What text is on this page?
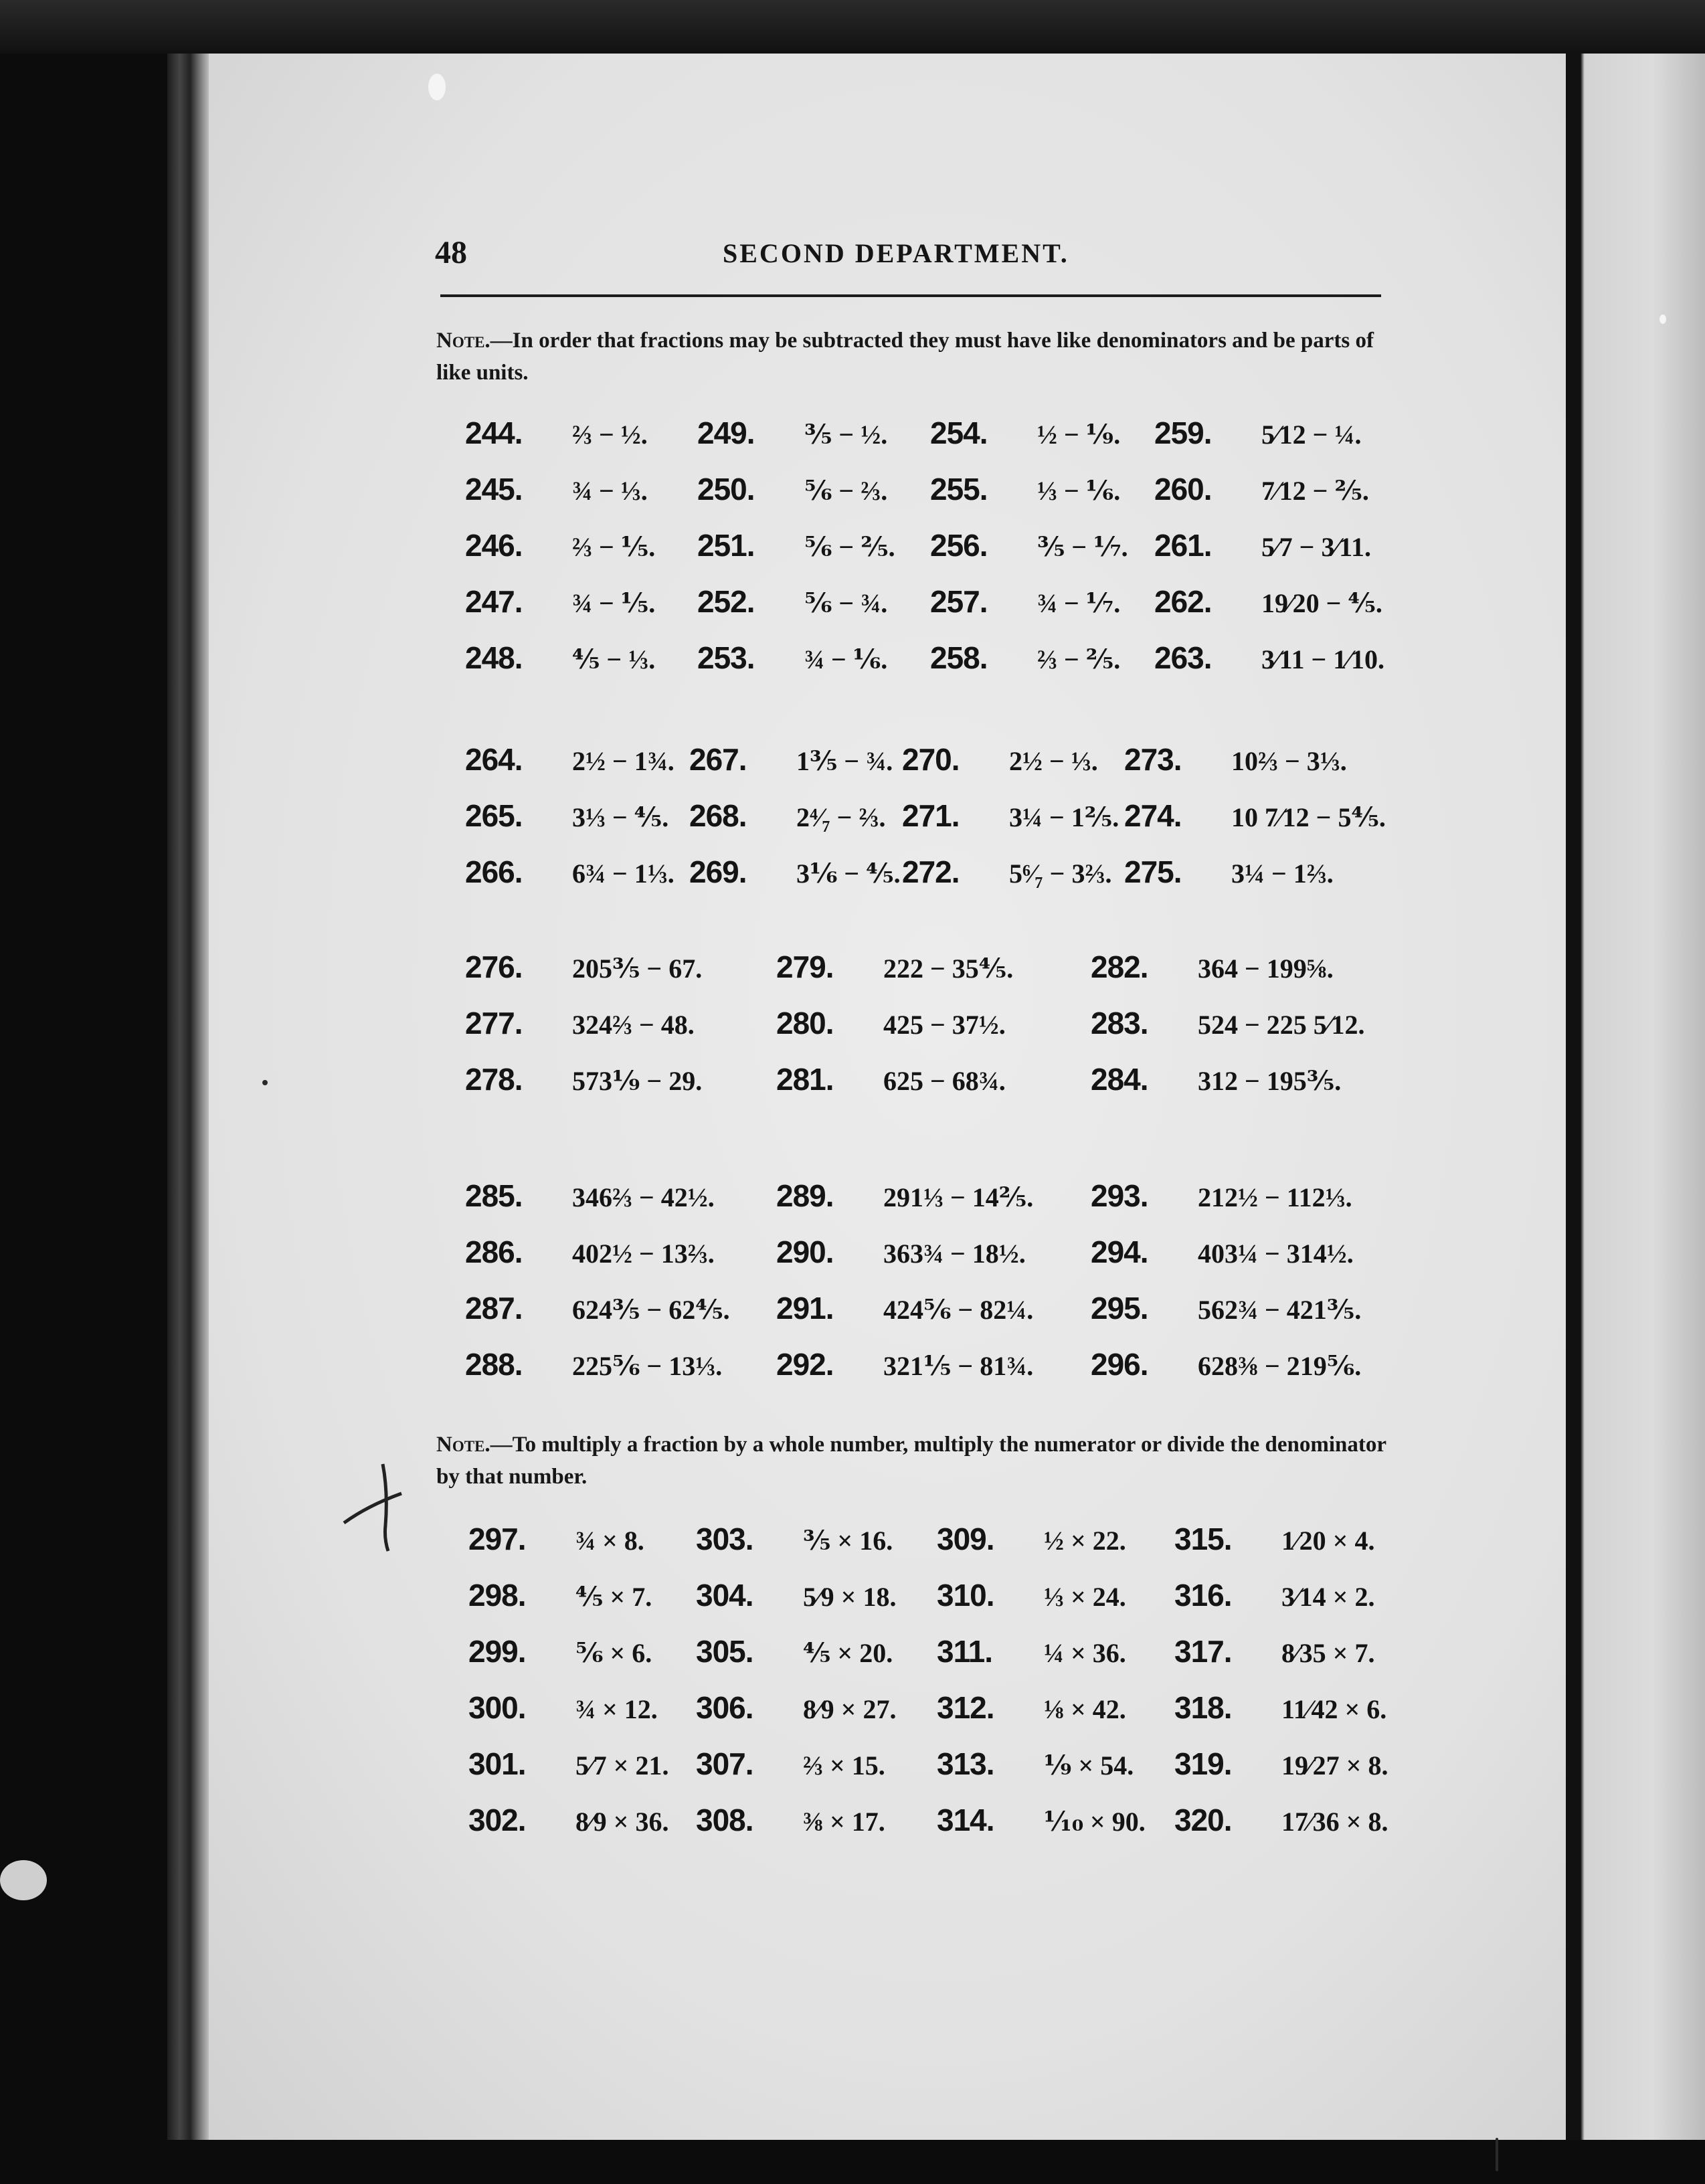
48	SECOND DEPARTMENT.
Note.—In order that fractions may be subtracted they must have like denominators and be parts of like units.
Note.—To multiply a fraction by a whole number, multiply the numerator or divide the denominator by that number.
244. ⅔ − ½.
245. ¾ − ⅓.
246. ⅔ − ⅕.
247. ¾ − ⅕.
248. ⅘ − ⅓.
249. ⅗ − ½.
250. ⅚ − ⅔.
251. ⅚ − ⅖.
252. ⅚ − ¾.
253. ¾ − ⅙.
254. ½ − ⅑.
255. ⅓ − ⅙.
256. ⅗ − ⅐.
257. ¾ − ⅐.
258. ⅔ − ⅖.
259. 5⁄12 − ¼.
260. 7⁄12 − ⅖.
261. 5⁄7 − 3⁄11.
262. 19⁄20 − ⅘.
263. 3⁄11 − 1⁄10.
264. 2½ − 1¾.
265. 3⅓ − ⅘.
266. 6¾ − 1⅓.
267. 1⅗ − ¾.
268. 2⁴⁄₇ − ⅔.
269. 3⅙ − ⅘.
270. 2½ − ⅓.
271. 3¼ − 1⅖.
272. 5⁶⁄₇ − 3⅔.
273. 10⅔ − 3⅓.
274. 10 7⁄12 − 5⅘.
275. 3¼ − 1⅔.
276. 205⅗ − 67.
277. 324⅔ − 48.
278. 573⅑ − 29.
279. 222 − 35⅘.
280. 425 − 37½.
281. 625 − 68¾.
282. 364 − 199⅝.
283. 524 − 225 5⁄12.
284. 312 − 195⅗.
285. 346⅔ − 42½.
286. 402½ − 13⅔.
287. 624⅗ − 62⅘.
288. 225⅚ − 13⅓.
289. 291⅓ − 14⅖.
290. 363¾ − 18½.
291. 424⅚ − 82¼.
292. 321⅕ − 81¾.
293. 212½ − 112⅓.
294. 403¼ − 314½.
295. 562¾ − 421⅗.
296. 628⅜ − 219⅚.
297. ¾ × 8.
298. ⅘ × 7.
299. ⅚ × 6.
300. ¾ × 12.
301. 5⁄7 × 21.
302. 8⁄9 × 36.
303. ⅗ × 16.
304. 5⁄9 × 18.
305. ⅘ × 20.
306. 8⁄9 × 27.
307. ⅔ × 15.
308. ⅜ × 17.
309. ½ × 22.
310. ⅓ × 24.
311. ¼ × 36.
312. ⅛ × 42.
313. ⅑ × 54.
314. ⅒ × 90.
315. 1⁄20 × 4.
316. 3⁄14 × 2.
317. 8⁄35 × 7.
318. 11⁄42 × 6.
319. 19⁄27 × 8.
320. 17⁄36 × 8.
